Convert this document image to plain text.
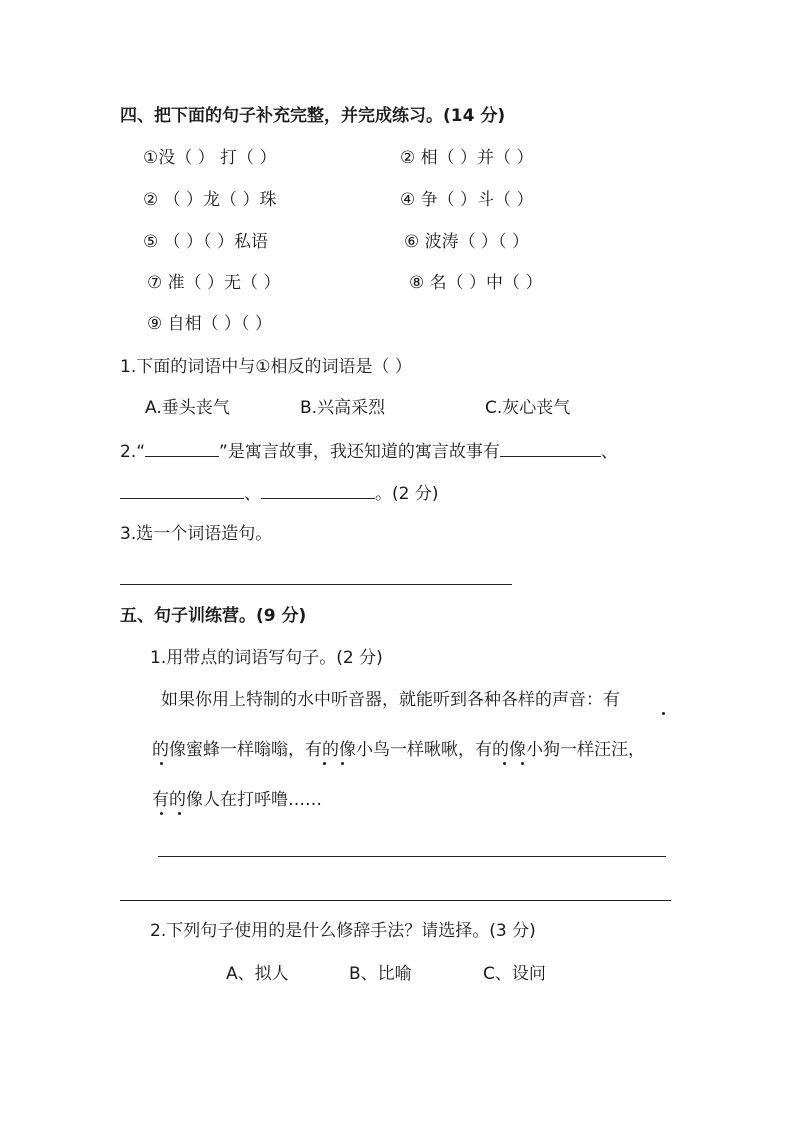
四、把下面的句子补充完整，并完成练习。(14 分)
①没（ ） 打（ ）	② 相（ ）并（ ）
② （ ）龙（ ）珠	④ 争（ ）斗（ ）
⑤ （ ）（ ）私语	⑥ 波涛（ ）（ ）
⑦ 准（ ）无（ ）	⑧ 名（ ）中（ ）
⑨ 自相（ ）（ ）
1.下面的词语中与①相反的词语是（ ）
A.垂头丧气	B.兴高采烈	C.灰心丧气
2.“	”是寓言故事，我还知道的寓言故事有	、
、	。(2 分)
3.选一个词语造句。
五、句子训练营。(9 分)
1.用带点的词语写句子。(2 分)
如果你用上特制的水中听音器，就能听到各种各样的声音：有
的像蜜蜂一样嗡嗡，有的像小鸟一样啾啾，有的像小狗一样汪汪，
有的像人在打呼噜……
2.下列句子使用的是什么修辞手法？请选择。(3 分)
A、拟人	B、比喻	C、设问
